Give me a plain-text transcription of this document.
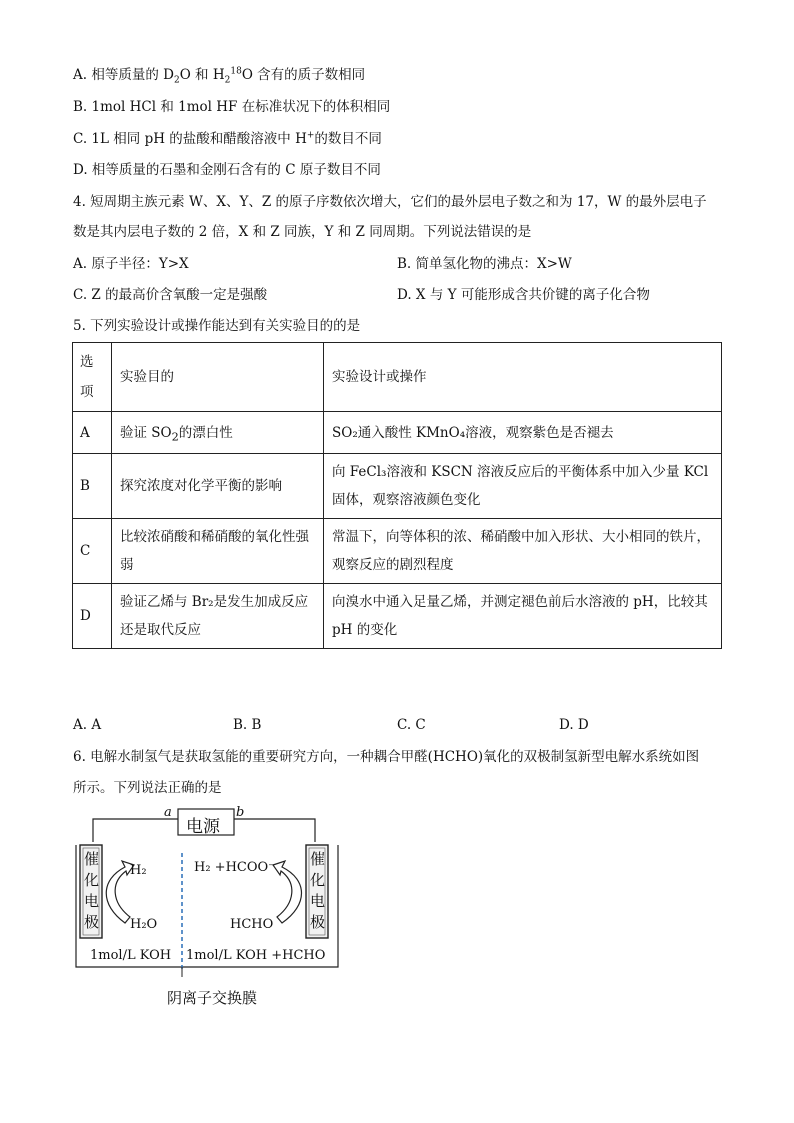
A. 相等质量的 $D_2O$ 和 $H_2^{18}O$ 含有的质子数相同
B. 1mol HCl 和 1mol HF 在标准状况下的体积相同
C. 1L 相同 pH 的盐酸和醋酸溶液中 H+的数目不同
D. 相等质量的石墨和金刚石含有的 C 原子数目不同
4. 短周期主族元素 W、X、Y、Z 的原子序数依次增大，它们的最外层电子数之和为 17，W 的最外层电子
数是其内层电子数的 2 倍，X 和 Z 同族，Y 和 Z 同周期。下列说法错误的是
A. 原子半径：Y>X	B. 简单氢化物的沸点：X>W
C. Z 的最高价含氧酸一定是强酸	D. X 与 Y 可能形成含共价键的离子化合物
5. 下列实验设计或操作能达到有关实验目的的是
选项	实验目的	实验设计或操作
A	验证 $SO_2$的漂白性	SO₂通入酸性 KMnO₄溶液，观察紫色是否褪去
B	探究浓度对化学平衡的影响	向 FeCl₃溶液和 KSCN 溶液反应后的平衡体系中加入少量 KCl 固体，观察溶液颜色变化
C	比较浓硝酸和稀硝酸的氧化性强弱	常温下，向等体积的浓、稀硝酸中加入形状、大小相同的铁片，观察反应的剧烈程度
D	验证乙烯与 Br₂是发生加成反应还是取代反应	向溴水中通入足量乙烯，并测定褪色前后水溶液的 pH，比较其 pH 的变化
A. A	B. B	C. C	D. D
6. 电解水制氢气是获取氢能的重要研究方向，一种耦合甲醛(HCHO)氧化的双极制氢新型电解水系统如图
所示。下列说法正确的是
a	b
电源
催
化
电
极
催
化
电
极
H₂
H₂O
H₂ +HCOO⁻
HCHO
1mol/L KOH 1mol/L KOH +HCHO
阴离子交换膜
